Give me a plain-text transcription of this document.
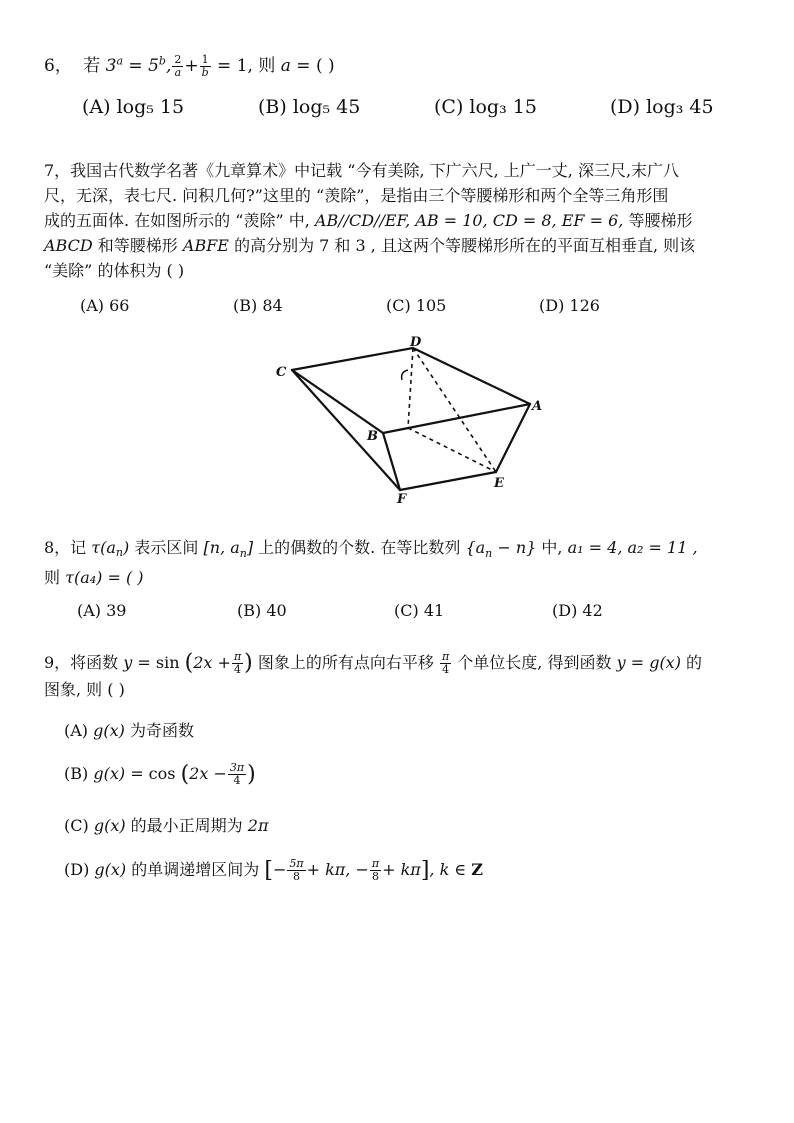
6， 若 $3^a = 5^b$, $\frac{2}{a} + \frac{1}{b} = 1$, 则 a = ( )
(A) log₅ 15	(B) log₅ 45	(C) log₃ 15	(D) log₃ 45
7，我国古代数学名著《九章算术》中记载 “今有美除, 下广六尺, 上广一丈, 深三尺,末广八
尺，无深，表七尺. 问积几何?”这里的 “羡除”，是指由三个等腰梯形和两个全等三角形围
成的五面体. 在如图所示的 “羡除” 中, AB//CD//EF, AB = 10, CD = 8, EF = 6, 等腰梯形
ABCD 和等腰梯形 ABFE 的高分别为 7 和 3 , 且这两个等腰梯形所在的平面互相垂直, 则该
“美除” 的体积为 ( )
(A) 66	(B) 84	(C) 105	(D) 126
C
D
A
B
F
E
8，记 τ(an) 表示区间 [n, $a_n$] 上的偶数的个数. 在等比数列 $\{a_n - n\}$ 中, a₁ = 4, a₂ = 11 ,
则 τ(a₄) = ( )
(A) 39	(B) 40	(C) 41	(D) 42
9，将函数 $y = \sin (2x + \frac{\pi}{4}$ ) 图象上的所有点向右平移 $\frac{\pi}{4}$ 个单位长度, 得到函数 y = g(x) 的
图象, 则 ( )
(A) g(x) 为奇函数
(B) $g(x) = \cos (2x - \frac{3\pi}{4}$ )
(C) g(x) 的最小正周期为 2π
(D) g(x) 的单调递增区间为 [− $\frac{5\pi}{8} + k\pi$, − $\frac{\pi}{8} + k\pi$], k ∈ Z
